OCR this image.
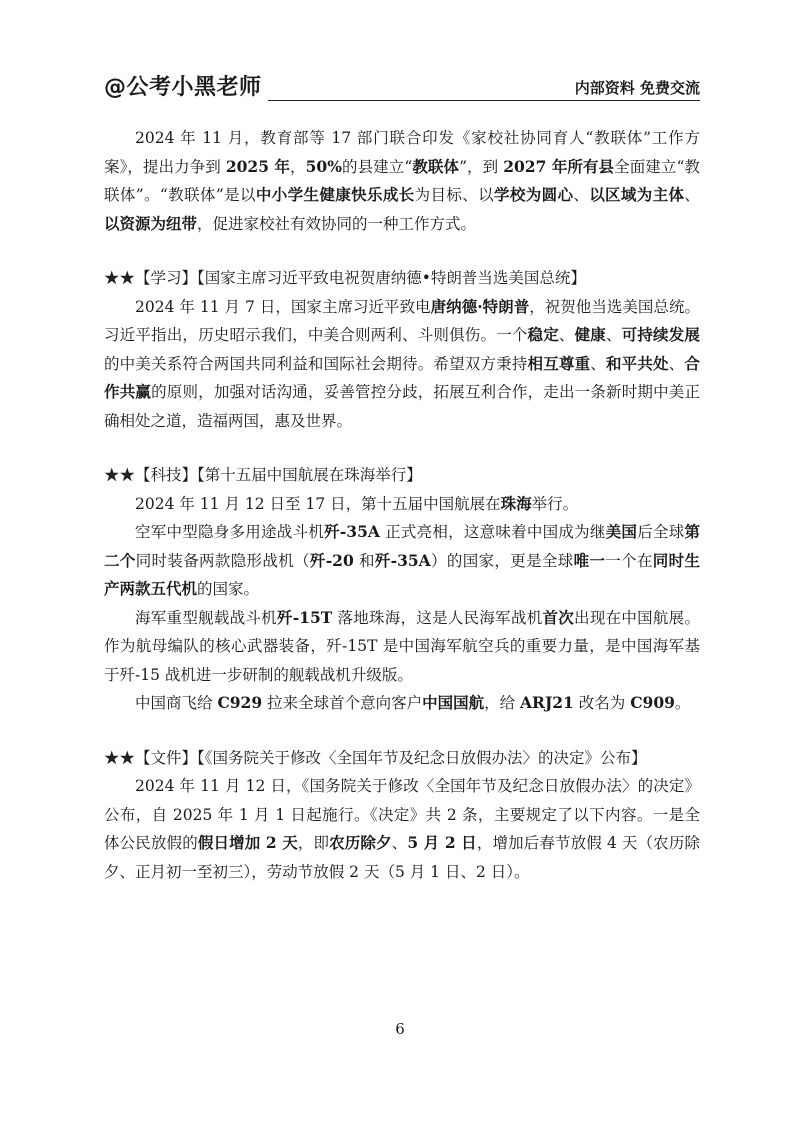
@公考小黑老师	内部资料 免费交流

2024 年 11 月，教育部等 17 部门联合印发《家校社协同育人“教联体”工作方案》，提出力争到 2025 年，50%的县建立“教联体”，到 2027 年所有县全面建立“教联体”。“教联体”是以中小学生健康快乐成长为目标、以学校为圆心、以区域为主体、以资源为纽带，促进家校社有效协同的一种工作方式。

★★【学习】【国家主席习近平致电祝贺唐纳德•特朗普当选美国总统】

2024 年 11 月 7 日，国家主席习近平致电唐纳德·特朗普，祝贺他当选美国总统。习近平指出，历史昭示我们，中美合则两利、斗则俱伤。一个稳定、健康、可持续发展的中美关系符合两国共同利益和国际社会期待。希望双方秉持相互尊重、和平共处、合作共赢的原则，加强对话沟通，妥善管控分歧，拓展互利合作，走出一条新时期中美正确相处之道，造福两国，惠及世界。

★★【科技】【第十五届中国航展在珠海举行】

2024 年 11 月 12 日至 17 日，第十五届中国航展在珠海举行。

空军中型隐身多用途战斗机歼-35A 正式亮相，这意味着中国成为继美国后全球第二个同时装备两款隐形战机（歼-20 和歼-35A）的国家，更是全球唯一一个在同时生产两款五代机的国家。

海军重型舰载战斗机歼-15T 落地珠海，这是人民海军战机首次出现在中国航展。作为航母编队的核心武器装备，歼-15T 是中国海军航空兵的重要力量，是中国海军基于歼-15 战机进一步研制的舰载战机升级版。

中国商飞给 C929 拉来全球首个意向客户中国国航，给 ARJ21 改名为 C909。

★★【文件】【《国务院关于修改〈全国年节及纪念日放假办法〉的决定》公布】

2024 年 11 月 12 日，《国务院关于修改〈全国年节及纪念日放假办法〉的决定》公布，自 2025 年 1 月 1 日起施行。《决定》共 2 条，主要规定了以下内容。一是全体公民放假的假日增加 2 天，即农历除夕、5 月 2 日，增加后春节放假 4 天（农历除夕、正月初一至初三），劳动节放假 2 天（5 月 1 日、2 日）。

6
